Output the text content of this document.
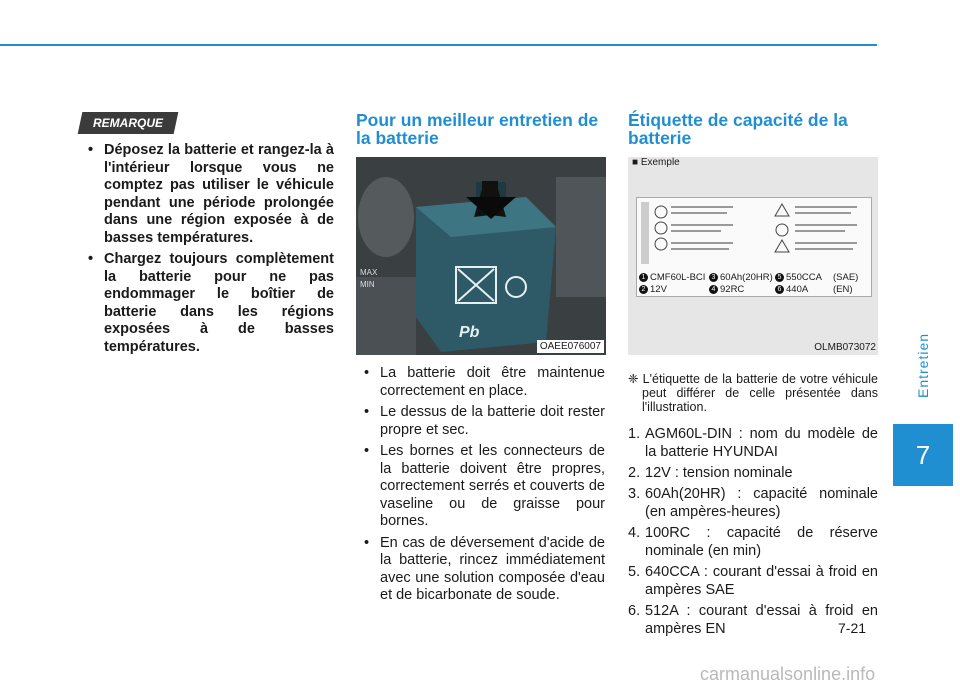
REMARQUE
• Déposez la batterie et rangez-la à l'intérieur lorsque vous ne comptez pas utiliser le véhicule pendant une période prolongée dans une région exposée à de basses températures.
• Chargez toujours complètement la batterie pour ne pas endommager le boîtier de batterie dans les régions exposées à de basses températures.
Pour un meilleur entretien de la batterie
Pb
MAX
MIN
OAEE076007
• La batterie doit être maintenue correctement en place.
• Le dessus de la batterie doit rester propre et sec.
• Les bornes et les connecteurs de la batterie doivent être propres, correctement serrés et couverts de vaseline ou de graisse pour bornes.
• En cas de déversement d'acide de la batterie, rincez immédiatement avec une solution composée d'eau et de bicarbonate de soude.
Étiquette de capacité de la batterie
■ Exemple
1 CMF60L-BCI
2 12V
3 60Ah(20HR)
4 92RC
5 550CCA
6 440A
(SAE)
(EN)
OLMB073072
❈ L'étiquette de la batterie de votre véhicule peut différer de celle présentée dans l'illustration.
1. AGM60L-DIN : nom du modèle de la batterie HYUNDAI
2. 12V : tension nominale
3. 60Ah(20HR) : capacité nominale (en ampères-heures)
4. 100RC : capacité de réserve nominale (en min)
5. 640CCA : courant d'essai à froid en ampères SAE
6. 512A : courant d'essai à froid en ampères EN
Entretien
7
7-21
carmanualsonline.info
